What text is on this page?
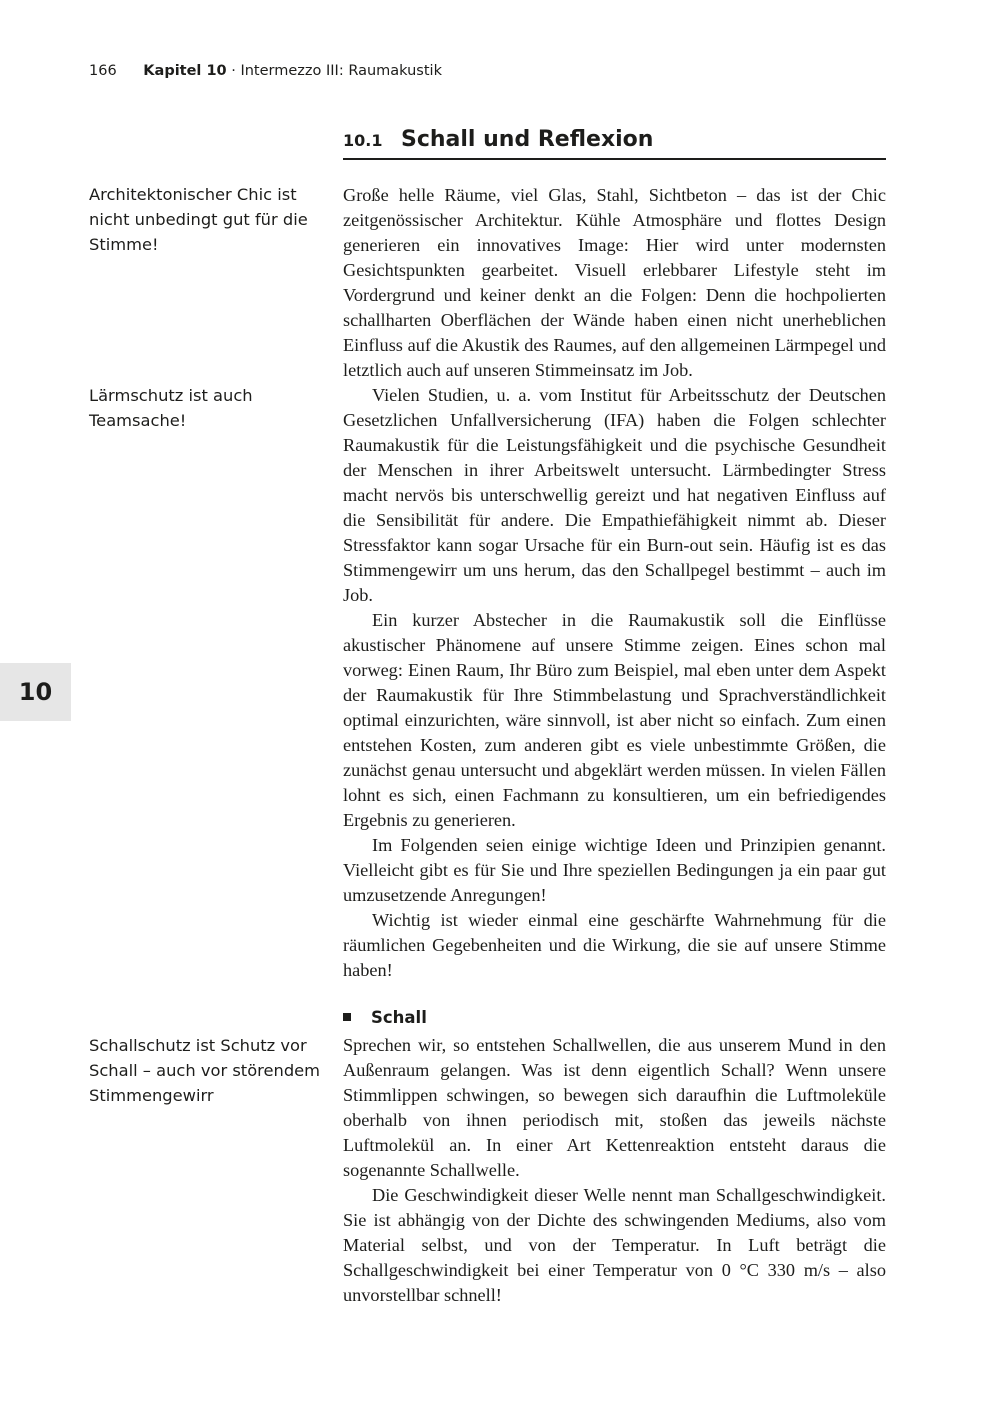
166 Kapitel 10 · Intermezzo III: Raumakustik
10.1 Schall und Reflexion
Architektonischer Chic ist nicht unbedingt gut für die Stimme!
Lärmschutz ist auch Teamsache!
Schallschutz ist Schutz vor Schall – auch vor störendem Stimmengewirr

Große helle Räume, viel Glas, Stahl, Sichtbeton – das ist der Chic zeitgenössischer Architektur. Kühle Atmosphäre und flottes Design generieren ein innovatives Image: Hier wird unter modernsten Gesichtspunkten gearbeitet. Visuell erlebbarer Lifestyle steht im Vordergrund und keiner denkt an die Folgen: Denn die hochpolierten schallharten Oberflächen der Wände haben einen nicht unerheblichen Einfluss auf die Akustik des Raumes, auf den allgemeinen Lärmpegel und letztlich auch auf unseren Stimmeinsatz im Job.

Vielen Studien, u. a. vom Institut für Arbeitsschutz der Deutschen Gesetzlichen Unfallversicherung (IFA) haben die Folgen schlechter Raumakustik für die Leistungsfähigkeit und die psychische Gesundheit der Menschen in ihrer Arbeitswelt untersucht. Lärmbedingter Stress macht nervös bis unterschwellig gereizt und hat negativen Einfluss auf die Sensibilität für andere. Die Empathiefähigkeit nimmt ab. Dieser Stressfaktor kann sogar Ursache für ein Burn-out sein. Häufig ist es das Stimmengewirr um uns herum, das den Schallpegel bestimmt – auch im Job.

Ein kurzer Abstecher in die Raumakustik soll die Einflüsse akustischer Phänomene auf unsere Stimme zeigen. Eines schon mal vorweg: Einen Raum, Ihr Büro zum Beispiel, mal eben unter dem Aspekt der Raumakustik für Ihre Stimmbelastung und Sprachverständlichkeit optimal einzurichten, wäre sinnvoll, ist aber nicht so einfach. Zum einen entstehen Kosten, zum anderen gibt es viele unbestimmte Größen, die zunächst genau untersucht und abgeklärt werden müssen. In vielen Fällen lohnt es sich, einen Fachmann zu konsultieren, um ein befriedigendes Ergebnis zu generieren.

Im Folgenden seien einige wichtige Ideen und Prinzipien genannt. Vielleicht gibt es für Sie und Ihre speziellen Bedingungen ja ein paar gut umzusetzende Anregungen!

Wichtig ist wieder einmal eine geschärfte Wahrnehmung für die räumlichen Gegebenheiten und die Wirkung, die sie auf unsere Stimme haben!

Schall

Sprechen wir, so entstehen Schallwellen, die aus unserem Mund in den Außenraum gelangen. Was ist denn eigentlich Schall? Wenn unsere Stimmlippen schwingen, so bewegen sich daraufhin die Luftmoleküle oberhalb von ihnen periodisch mit, stoßen das jeweils nächste Luftmolekül an. In einer Art Kettenreaktion entsteht daraus die sogenannte Schallwelle.

Die Geschwindigkeit dieser Welle nennt man Schallgeschwindigkeit. Sie ist abhängig von der Dichte des schwingenden Mediums, also vom Material selbst, und von der Temperatur. In Luft beträgt die Schallgeschwindigkeit bei einer Temperatur von 0 °C 330 m/s – also unvorstellbar schnell!

10
